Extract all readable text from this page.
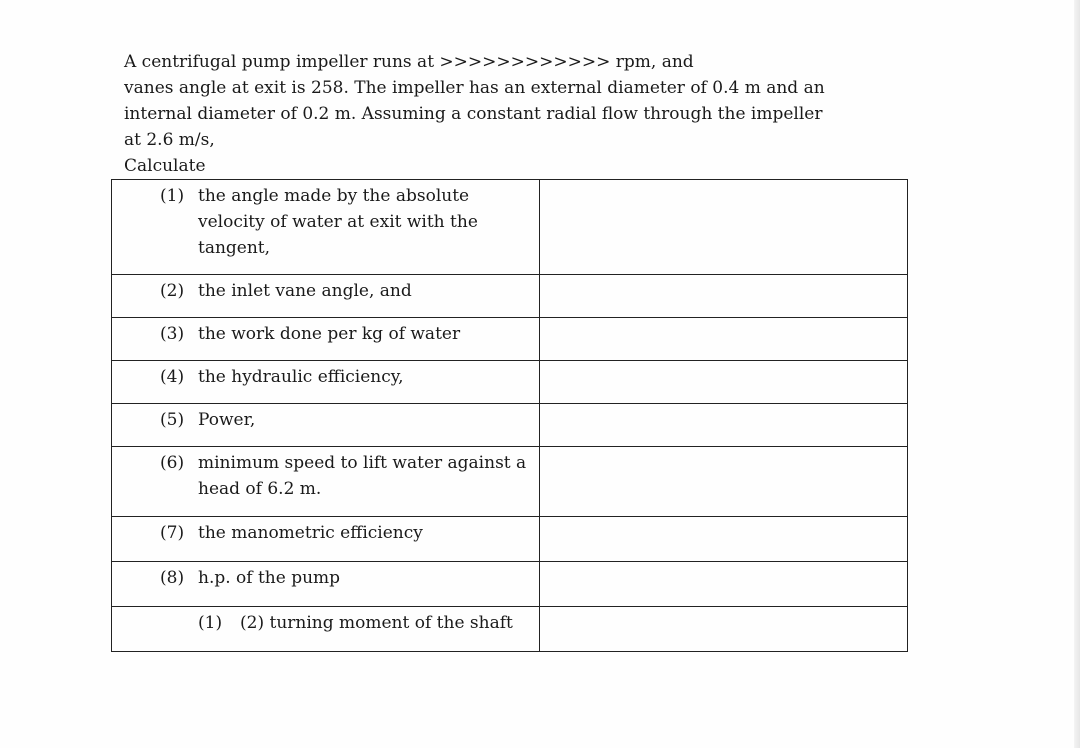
A centrifugal pump impeller runs at >>>>>>>>>>>> rpm, and

vanes angle at exit is 258. The impeller has an external diameter of 0.4 m and an

internal diameter of 0.2 m. Assuming a constant radial flow through the impeller

at 2.6 m/s,

Calculate

(1) the angle made by the absolute velocity of water at exit with the tangent,	

(2) the inlet vane angle, and	

(3) the work done per kg of water	

(4) the hydraulic efficiency,	

(5) Power,	

(6) minimum speed to lift water against a head of 6.2 m.	

(7) the manometric efficiency	

(8) h.p. of the pump	

(1) (2) turning moment of the shaft	
